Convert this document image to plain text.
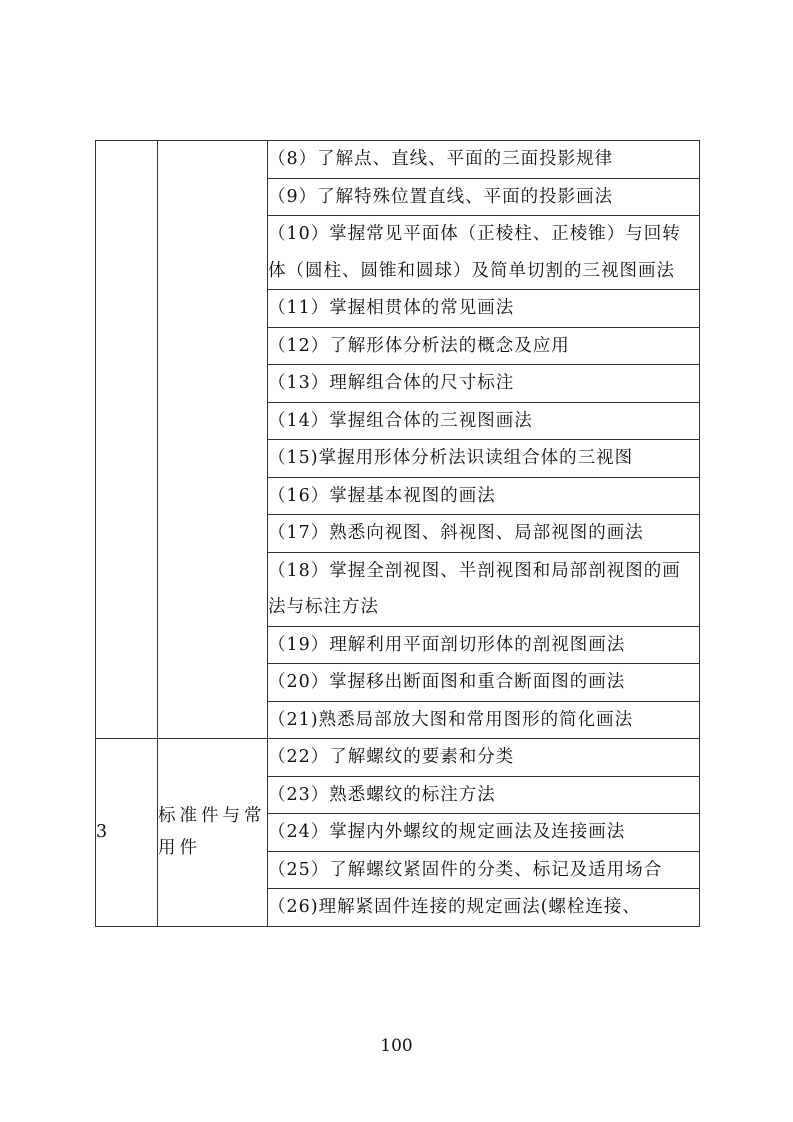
		（8）了解点、直线、平面的三面投影规律
		（9）了解特殊位置直线、平面的投影画法
		（10）掌握常见平面体（正棱柱、正棱锥）与回转体（圆柱、圆锥和圆球）及简单切割的三视图画法
		（11）掌握相贯体的常见画法
		（12）了解形体分析法的概念及应用
		（13）理解组合体的尺寸标注
		（14）掌握组合体的三视图画法
		（15)掌握用形体分析法识读组合体的三视图
		（16）掌握基本视图的画法
		（17）熟悉向视图、斜视图、局部视图的画法
		（18）掌握全剖视图、半剖视图和局部剖视图的画法与标注方法
		（19）理解利用平面剖切形体的剖视图画法
		（20）掌握移出断面图和重合断面图的画法
		（21)熟悉局部放大图和常用图形的简化画法
3	标准件与常用件	（22）了解螺纹的要素和分类
		（23）熟悉螺纹的标注方法
		（24）掌握内外螺纹的规定画法及连接画法
		（25）了解螺纹紧固件的分类、标记及适用场合
		（26)理解紧固件连接的规定画法(螺栓连接、
100
